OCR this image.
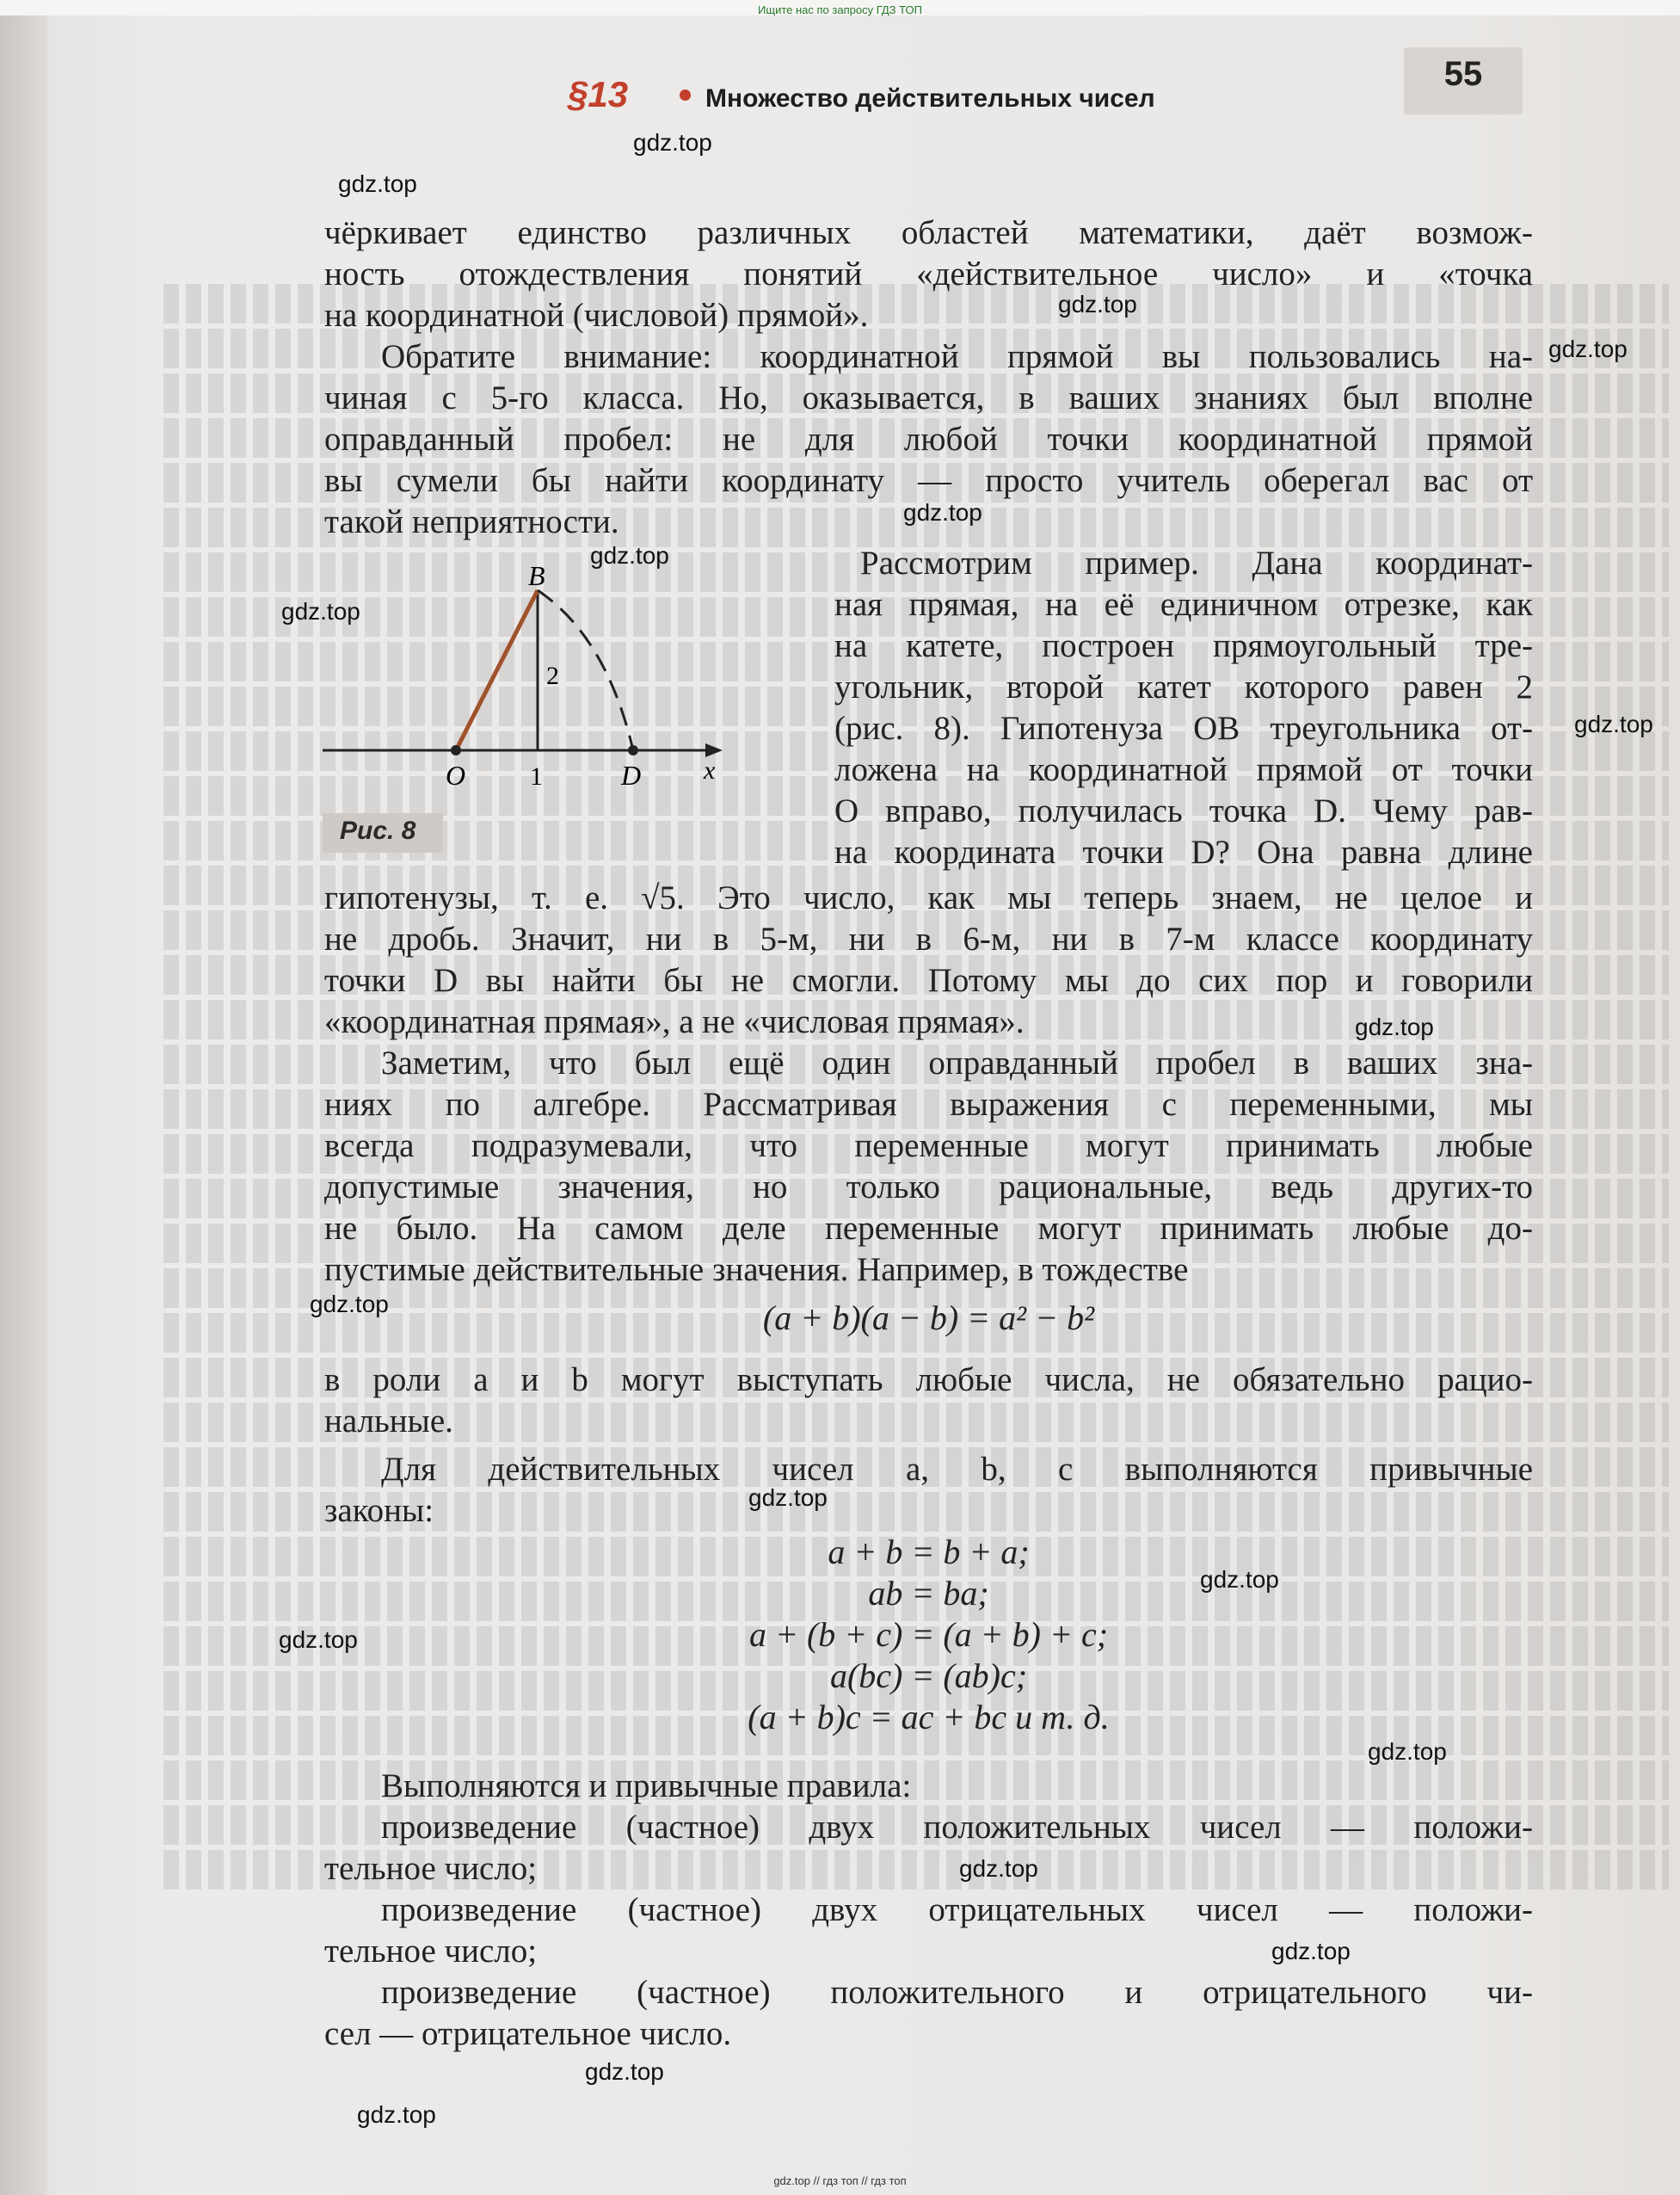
Ищите нас по запросу ГДЗ ТОП
§13	Множество действительных чисел
55
чёркивает единство различных областей математики, даёт возмож-
ность отождествления понятий «действительное число» и «точка
на координатной (числовой) прямой».
Обратите внимание: координатной прямой вы пользовались на-
чиная с 5-го класса. Но, оказывается, в ваших знаниях был вполне
оправданный пробел: не для любой точки координатной прямой
вы сумели бы найти координату — просто учитель оберегал вас от
такой неприятности.
B
2
O 1	D x
Рис. 8
Рассмотрим пример. Дана координат-
ная прямая, на её единичном отрезке, как
на катете, построен прямоугольный тре-
угольник, второй катет которого равен 2
(рис. 8). Гипотенуза OB треугольника от-
ложена на координатной прямой от точки
O вправо, получилась точка D. Чему рав-
на координата точки D? Она равна длине
гипотенузы, т. е. √5. Это число, как мы теперь знаем, не целое и
не дробь. Значит, ни в 5-м, ни в 6-м, ни в 7-м классе координату
точки D вы найти бы не смогли. Потому мы до сих пор и говорили
«координатная прямая», а не «числовая прямая».
Заметим, что был ещё один оправданный пробел в ваших зна-
ниях по алгебре. Рассматривая выражения с переменными, мы
всегда подразумевали, что переменные могут принимать любые
допустимые значения, но только рациональные, ведь других-то
не было. На самом деле переменные могут принимать любые до-
пустимые действительные значения. Например, в тождестве
(a + b)(a − b) = a² − b²
в роли a и b могут выступать любые числа, не обязательно рацио-
нальные.
Для действительных чисел a, b, c выполняются привычные
законы:
a + b = b + a;
ab = ba;
a + (b + c) = (a + b) + c;
a(bc) = (ab)c;
(a + b)c = ac + bc и т. д.
Выполняются и привычные правила:
произведение (частное) двух положительных чисел — положи-
тельное число;
произведение (частное) двух отрицательных чисел — положи-
тельное число;
произведение (частное) положительного и отрицательного чи-
сел — отрицательное число.
gdz.top
gdz.top
gdz.top
gdz.top
gdz.top
gdz.top
gdz.top
gdz.top
gdz.top
gdz.top
gdz.top
gdz.top
gdz.top
gdz.top
gdz.top
gdz.top
gdz.top
gdz.top
gdz.top // гдз топ // гдз топ
